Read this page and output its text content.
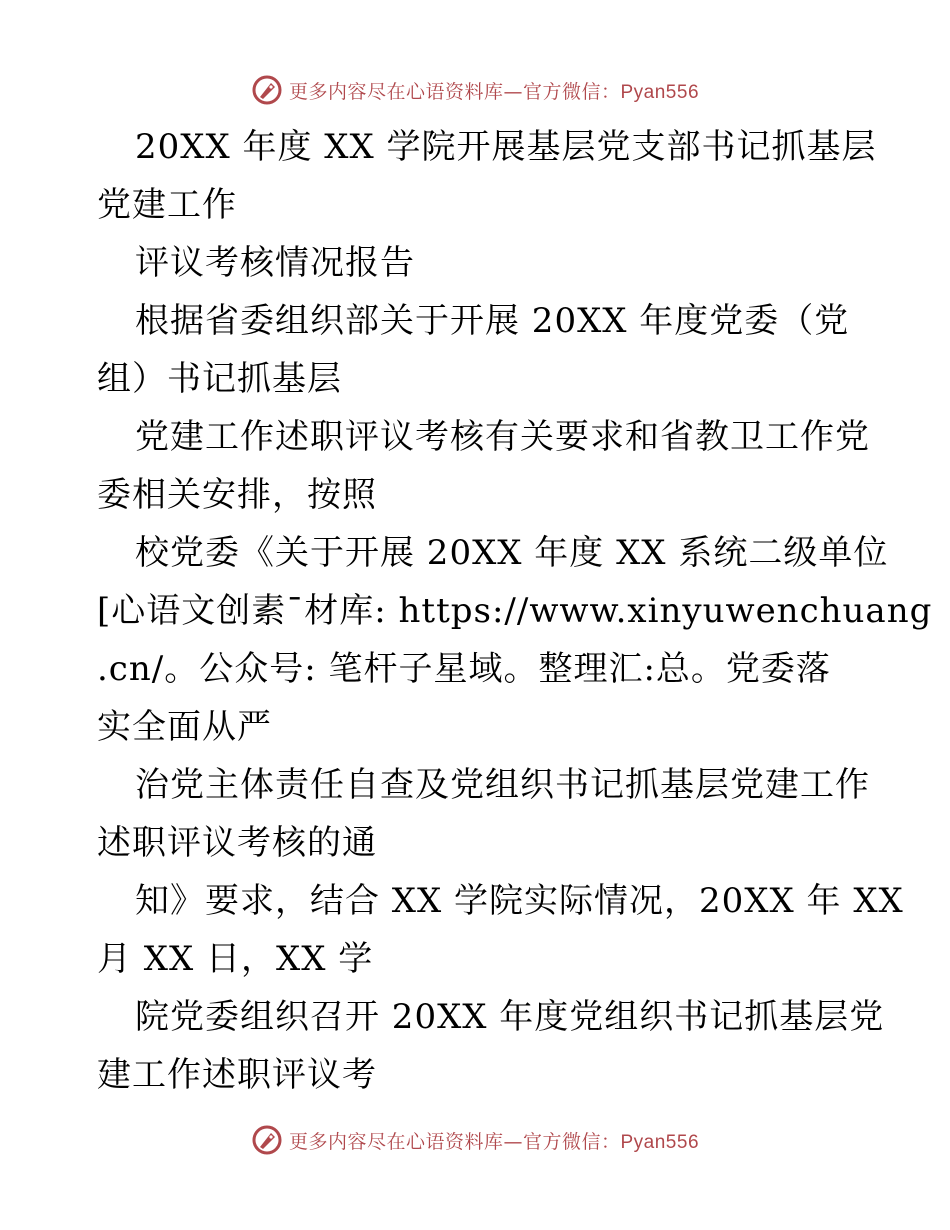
更多内容尽在心语资料库—官方微信：Pyan556
20XX 年度 XX 学院开展基层党支部书记抓基层
党建工作
评议考核情况报告
根据省委组织部关于开展 20XX 年度党委（党
组）书记抓基层
党建工作述职评议考核有关要求和省教卫工作党
委相关安排，按照
校党委《关于开展 20XX 年度 XX 系统二级单位
[心语文创素¯材库: https://www.xinyuwenchuang
.cn/。公众号: 笔杆子星域。整理汇:总。党委落
实全面从严
治党主体责任自查及党组织书记抓基层党建工作
述职评议考核的通
知》要求，结合 XX 学院实际情况，20XX 年 XX
月 XX 日，XX 学
院党委组织召开 20XX 年度党组织书记抓基层党
建工作述职评议考
更多内容尽在心语资料库—官方微信：Pyan556
